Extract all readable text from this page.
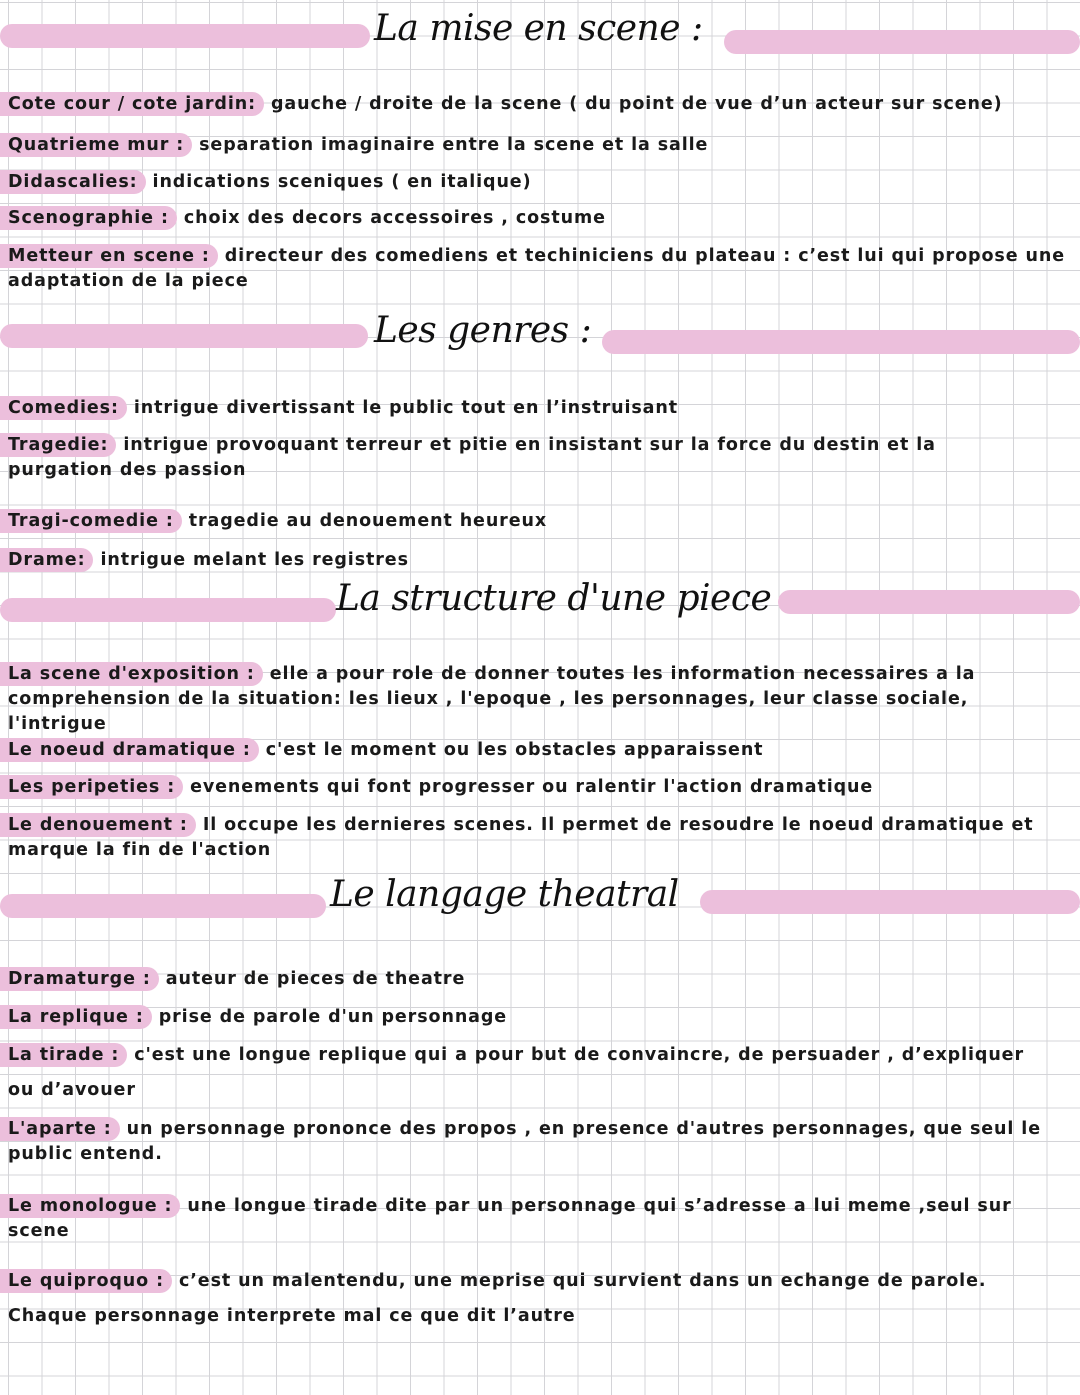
La mise en scene :
Cote cour / cote jardin: gauche / droite de la scene ( du point de vue d’un acteur sur scene)
Quatrieme mur : separation imaginaire entre la scene et la salle
Didascalies: indications sceniques ( en italique)
Scenographie : choix des decors accessoires , costume
Metteur en scene : directeur des comediens et techiniciens du plateau : c’est lui qui propose une
adaptation de la piece
Les genres :
Comedies: intrigue divertissant le public tout en l’instruisant
Tragedie: intrigue provoquant terreur et pitie en insistant sur la force du destin et la
purgation des passion
Tragi-comedie : tragedie au denouement heureux
Drame: intrigue melant les registres
La structure d'une piece
La scene d'exposition : elle a pour role de donner toutes les information necessaires a la
comprehension de la situation: les lieux , l'epoque , les personnages, leur classe sociale,
l'intrigue
Le noeud dramatique : c'est le moment ou les obstacles apparaissent
Les peripeties : evenements qui font progresser ou ralentir l'action dramatique
Le denouement : Il occupe les dernieres scenes. Il permet de resoudre le noeud dramatique et
marque la fin de l'action
Le langage theatral
Dramaturge : auteur de pieces de theatre
La replique : prise de parole d'un personnage
La tirade : c'est une longue replique qui a pour but de convaincre, de persuader , d’expliquer
ou d’avouer
L'aparte : un personnage prononce des propos , en presence d'autres personnages, que seul le
public entend.
Le monologue : une longue tirade dite par un personnage qui s’adresse a lui meme ,seul sur
scene
Le quiproquo : c’est un malentendu, une meprise qui survient dans un echange de parole.
Chaque personnage interprete mal ce que dit l’autre
